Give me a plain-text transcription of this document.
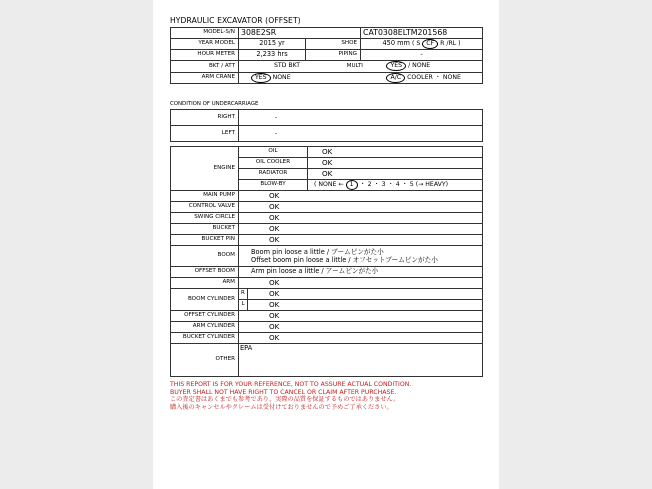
HYDRAULIC EXCAVATOR (OFFSET)
MODEL-S/N	308E2SR		CAT0308ELTM201568
YEAR MODEL	2015 yr	SHOE	450 mm ( S CF R /RL )
HOUR METER	2,233 hrs	PIPING	-
BKT / ATT	STD BKT MULTI		YES / NONE
ARM CRANE	YES NONE		A/C COOLER ・ NONE
CONDITION OF UNDERCARRIAGE
RIGHT	-
LEFT	-
ENGINE	OIL		OK
	OIL COOLER		OK
	RADIATOR		OK
	BLOW-BY		( NONE ← 1 ・ 2 ・ 3 ・ 4 ・ 5 (→ HEAVY)
MAIN PUMP	OK		
CONTROL VALVE	OK		
SWING CIRCLE	OK		
BUCKET	OK		
BUCKET PIN	OK		
BOOM	Boom pin loose a little / ブームピンがた小
Offset boom pin loose a little / オフセットブームピンがた小		

OFFSET BOOM	Arm pin loose a little / アームピンがた小		
ARM	OK		
BOOM CYLINDER	R	OK	
	L	OK	
OFFSET CYLINDER	OK		
ARM CYLINDER	OK		
BUCKET CYLINDER	OK		
OTHER	EPA		
THIS REPORT IS FOR YOUR REFERENCE, NOT TO ASSURE ACTUAL CONDITION.
BUYER SHALL NOT HAVE RIGHT TO CANCEL OR CLAIM AFTER PURCHASE.
この査定書はあくまでも参考であり、実際の品質を保証するものではありません。
購入後のキャンセルやクレームは受付けておりませんので予めご了承ください。
